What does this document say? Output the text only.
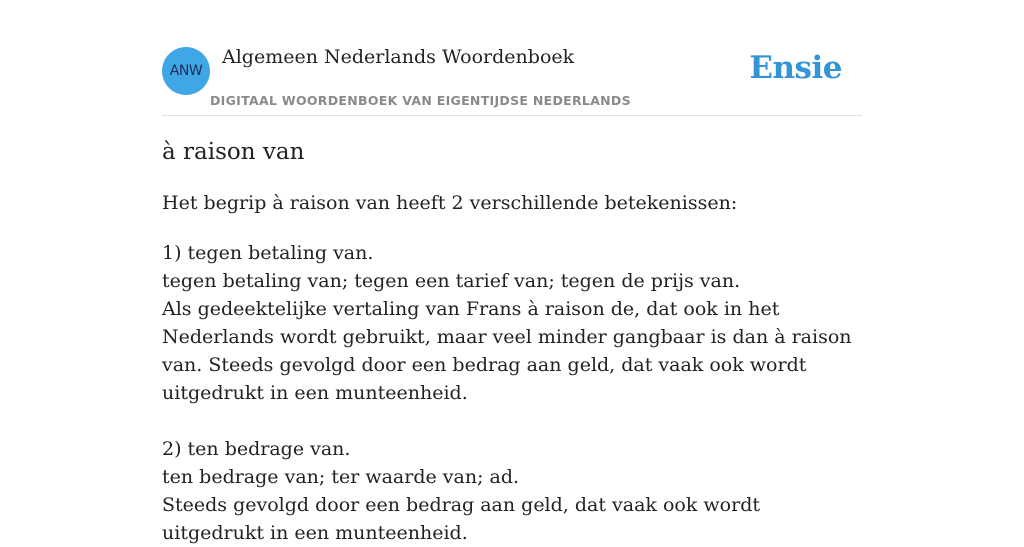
ANW
Algemeen Nederlands Woordenboek
DIGITAAL WOORDENBOEK VAN EIGENTIJDSE NEDERLANDS
Ensie
à raison van

Het begrip à raison van heeft 2 verschillende betekenissen:

1) tegen betaling van.
tegen betaling van; tegen een tarief van; tegen de prijs van.
Als gedeektelijke vertaling van Frans à raison de, dat ook in het Nederlands wordt gebruikt, maar veel minder gangbaar is dan à raison van. Steeds gevolgd door een bedrag aan geld, dat vaak ook wordt uitgedrukt in een munteenheid.
2) ten bedrage van.
ten bedrage van; ter waarde van; ad.
Steeds gevolgd door een bedrag aan geld, dat vaak ook wordt uitgedrukt in een munteenheid.
